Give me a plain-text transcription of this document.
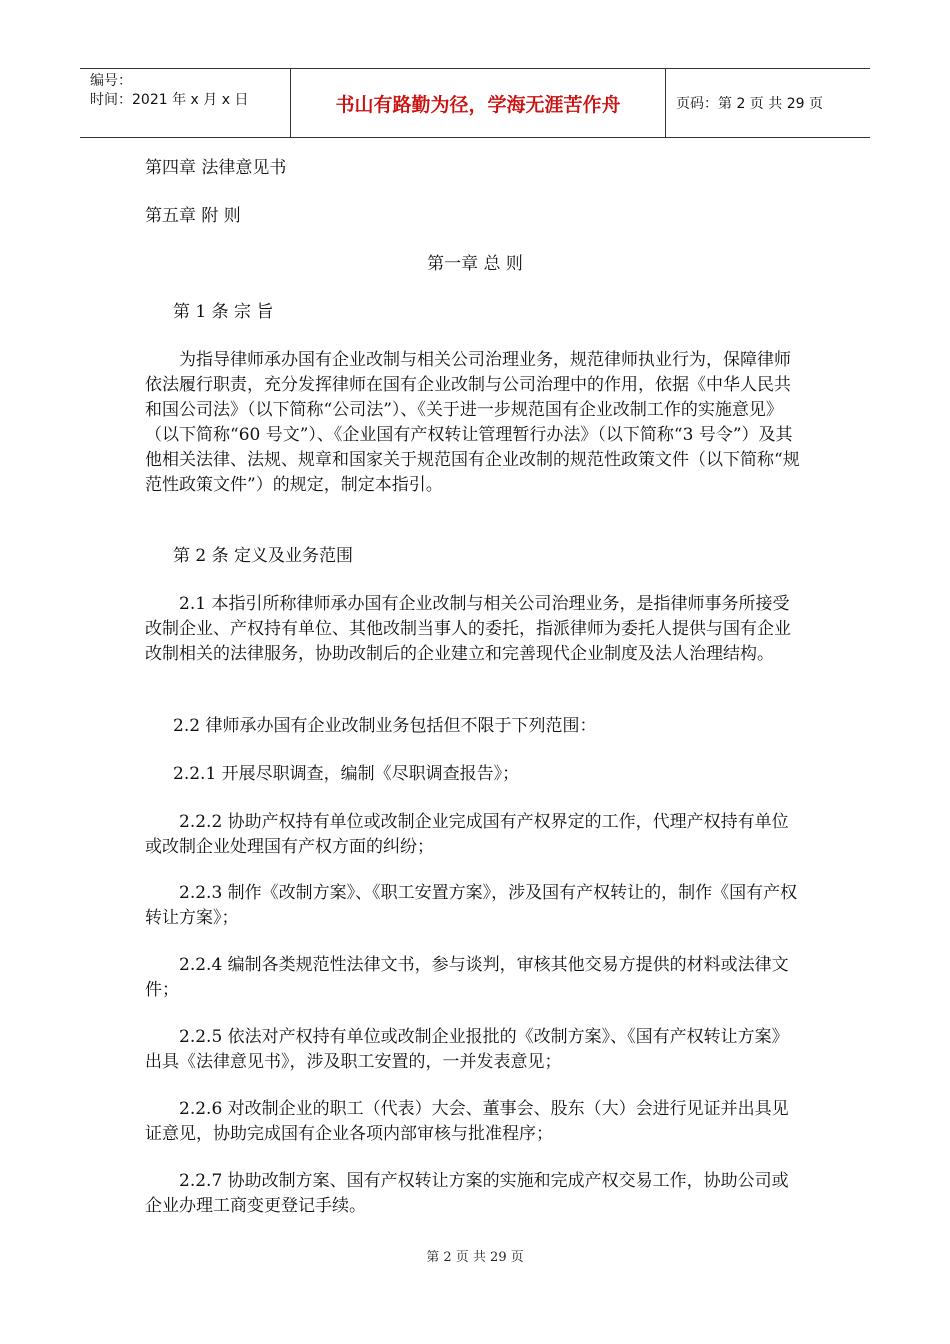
编号：
时间：2021 年 x 月 x 日	书山有路勤为径，学海无涯苦作舟	页码：第 2 页 共 29 页

第四章 法律意见书

第五章 附 则

第一章 总 则

第 1 条 宗 旨

为指导律师承办国有企业改制与相关公司治理业务，规范律师执业行为，保障律师依法履行职责，充分发挥律师在国有企业改制与公司治理中的作用，依据《中华人民共和国公司法》（以下简称“公司法”）、《关于进一步规范国有企业改制工作的实施意见》（以下简称“60 号文”）、《企业国有产权转让管理暂行办法》（以下简称“3 号令”）及其他相关法律、法规、规章和国家关于规范国有企业改制的规范性政策文件（以下简称“规范性政策文件”）的规定，制定本指引。

第 2 条 定义及业务范围

2.1 本指引所称律师承办国有企业改制与相关公司治理业务，是指律师事务所接受改制企业、产权持有单位、其他改制当事人的委托，指派律师为委托人提供与国有企业改制相关的法律服务，协助改制后的企业建立和完善现代企业制度及法人治理结构。

2.2 律师承办国有企业改制业务包括但不限于下列范围：

2.2.1 开展尽职调查，编制《尽职调查报告》；

2.2.2 协助产权持有单位或改制企业完成国有产权界定的工作，代理产权持有单位或改制企业处理国有产权方面的纠纷；

2.2.3 制作《改制方案》、《职工安置方案》，涉及国有产权转让的，制作《国有产权转让方案》；

2.2.4 编制各类规范性法律文书，参与谈判，审核其他交易方提供的材料或法律文件；

2.2.5 依法对产权持有单位或改制企业报批的《改制方案》、《国有产权转让方案》出具《法律意见书》，涉及职工安置的，一并发表意见；

2.2.6 对改制企业的职工（代表）大会、董事会、股东（大）会进行见证并出具见证意见，协助完成国有企业各项内部审核与批准程序；

2.2.7 协助改制方案、国有产权转让方案的实施和完成产权交易工作，协助公司或企业办理工商变更登记手续。

第 2 页 共 29 页
